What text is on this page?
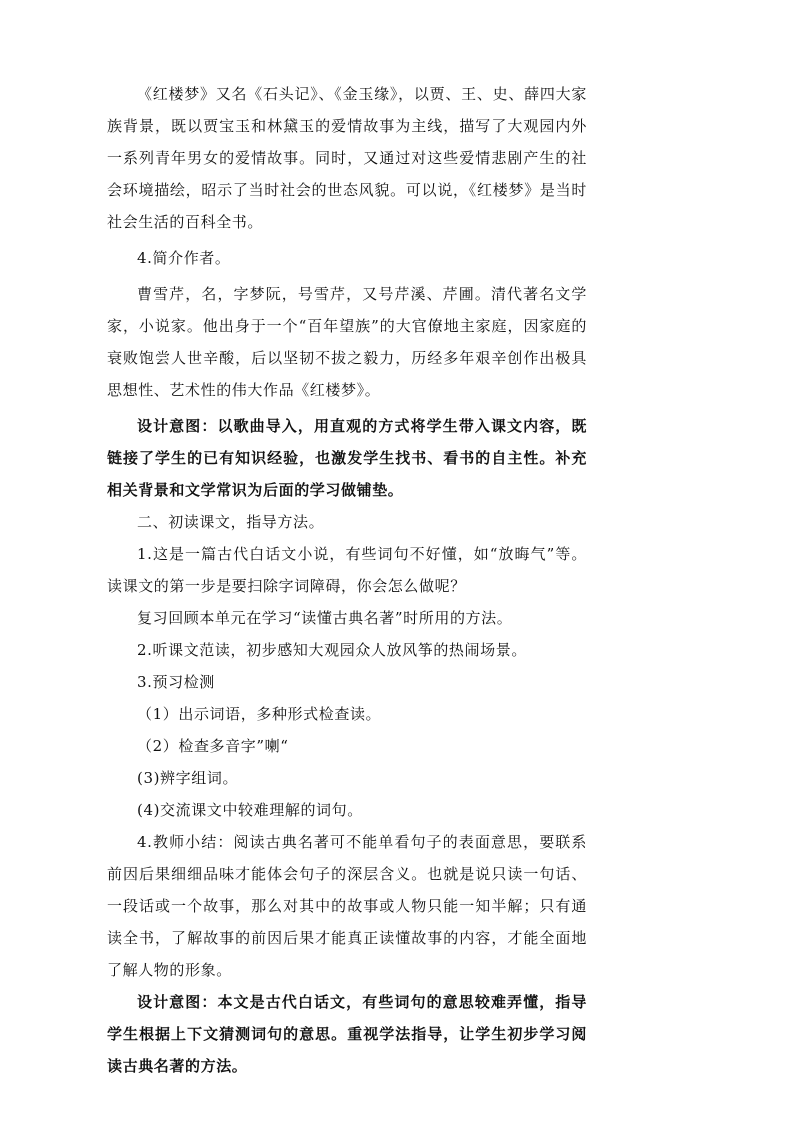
《红楼梦》又名《石头记》、《金玉缘》，以贾、王、史、薛四大家族背景，既以贾宝玉和林黛玉的爱情故事为主线，描写了大观园内外一系列青年男女的爱情故事。同时，又通过对这些爱情悲剧产生的社会环境描绘，昭示了当时社会的世态风貌。可以说，《红楼梦》是当时社会生活的百科全书。

4.简介作者。

曹雪芹，名，字梦阮，号雪芹，又号芹溪、芹圃。清代著名文学家，小说家。他出身于一个“百年望族”的大官僚地主家庭，因家庭的衰败饱尝人世辛酸，后以坚韧不拔之毅力，历经多年艰辛创作出极具思想性、艺术性的伟大作品《红楼梦》。

设计意图：以歌曲导入，用直观的方式将学生带入课文内容，既链接了学生的已有知识经验，也激发学生找书、看书的自主性。补充相关背景和文学常识为后面的学习做铺垫。

二、初读课文，指导方法。

1.这是一篇古代白话文小说，有些词句不好懂，如“放晦气”等。读课文的第一步是要扫除字词障碍，你会怎么做呢？

复习回顾本单元在学习“读懂古典名著”时所用的方法。

2.听课文范读，初步感知大观园众人放风筝的热闹场景。

3.预习检测

（1）出示词语，多种形式检查读。

（2）检查多音字”喇“

(3)辨字组词。

(4)交流课文中较难理解的词句。

4.教师小结：阅读古典名著可不能单看句子的表面意思，要联系前因后果细细品味才能体会句子的深层含义。也就是说只读一句话、一段话或一个故事，那么对其中的故事或人物只能一知半解；只有通读全书，了解故事的前因后果才能真正读懂故事的内容，才能全面地了解人物的形象。

设计意图：本文是古代白话文，有些词句的意思较难弄懂，指导学生根据上下文猜测词句的意思。重视学法指导，让学生初步学习阅读古典名著的方法。
